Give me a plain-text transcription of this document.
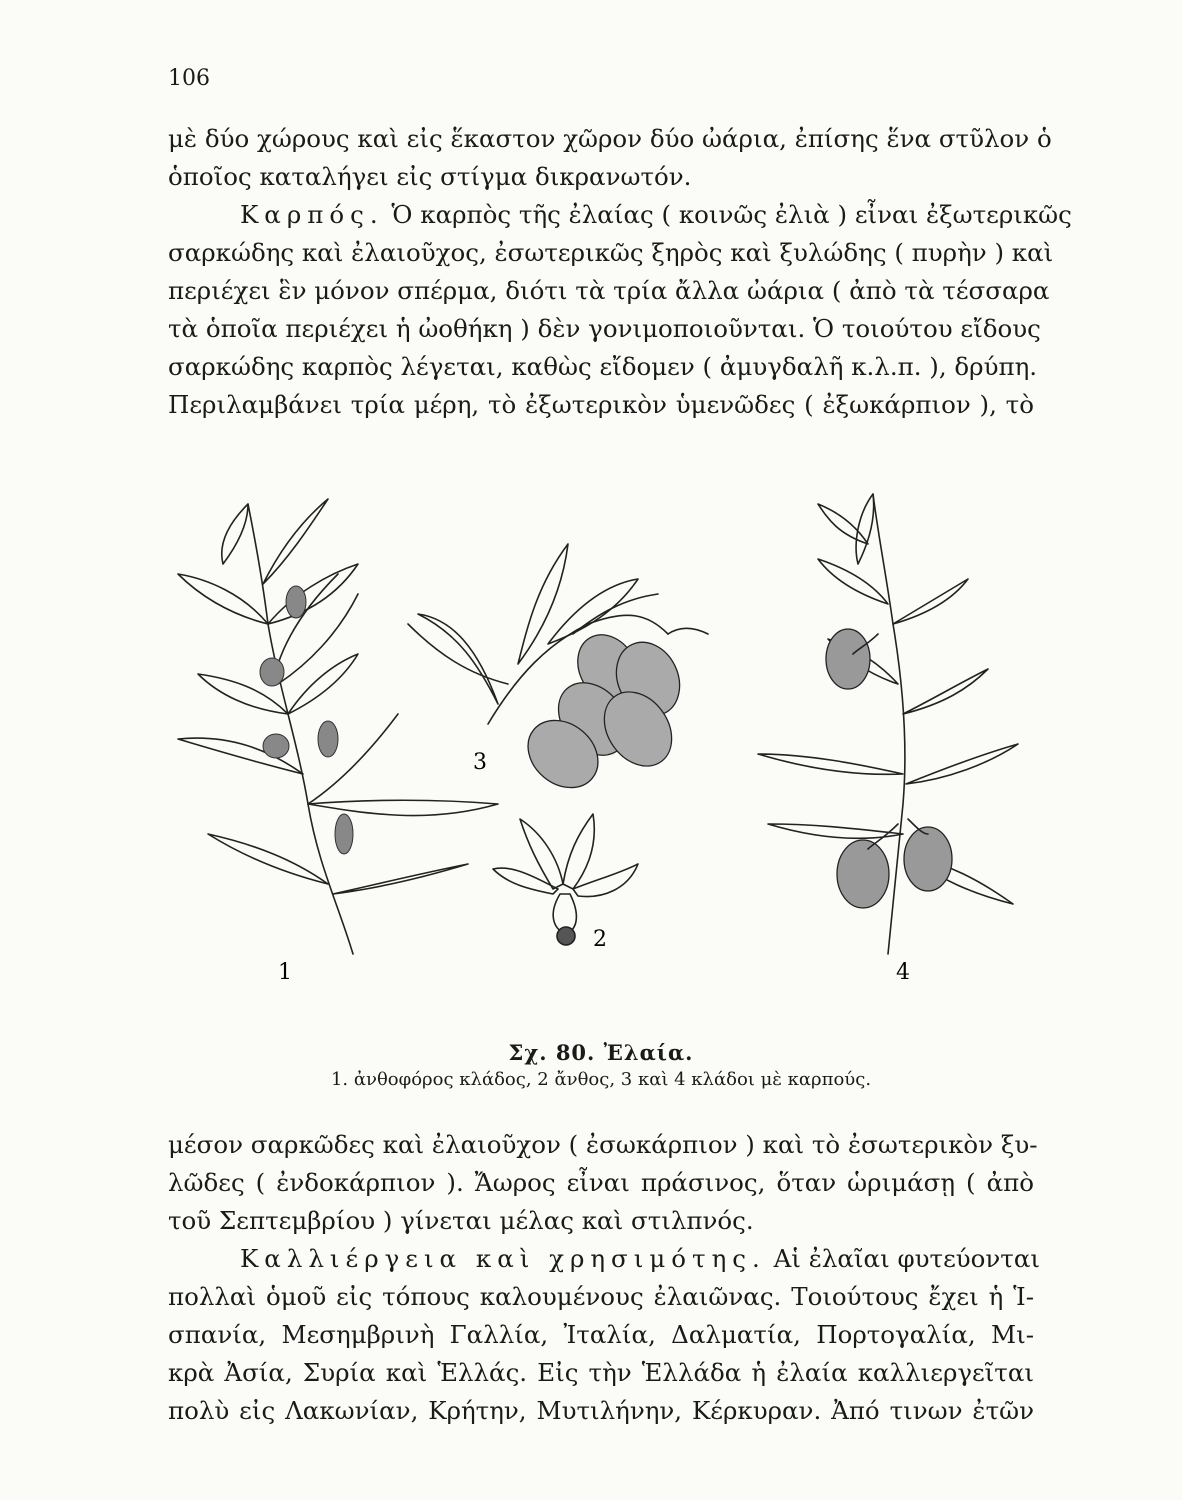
106
μὲ δύο χώρους καὶ εἰς ἕκαστον χῶρον δύο ὠάρια, ἐπίσης ἕνα στῦλον ὁ
ὁποῖος καταλήγει εἰς στίγμα δικρανωτόν.
Καρπός. Ὁ καρπὸς τῆς ἐλαίας ( κοινῶς ἐλιὰ ) εἶναι ἐξωτερικῶς
σαρκώδης καὶ ἐλαιοῦχος, ἐσωτερικῶς ξηρὸς καὶ ξυλώδης ( πυρὴν ) καὶ
περιέχει ἓν μόνον σπέρμα, διότι τὰ τρία ἄλλα ὠάρια ( ἀπὸ τὰ τέσσαρα
τὰ ὁποῖα περιέχει ἡ ὠοθήκη ) δὲν γονιμοποιοῦνται. Ὁ τοιούτου εἴδους
σαρκώδης καρπὸς λέγεται, καθὼς εἴδομεν ( ἀμυγδαλῆ κ.λ.π. ), δρύπη.
Περιλαμβάνει τρία μέρη, τὸ ἐξωτερικὸν ὑμενῶδες ( ἐξωκάρπιον ), τὸ
1
2
3
4
Σχ. 80. Ἐλαία.
1. ἀνθοφόρος κλάδος, 2 ἄνθος, 3 καὶ 4 κλάδοι μὲ καρπούς.
μέσον σαρκῶδες καὶ ἐλαιοῦχον ( ἐσωκάρπιον ) καὶ τὸ ἐσωτερικὸν ξυ-
λῶδες ( ἐνδοκάρπιον ). Ἄωρος εἶναι πράσινος, ὅταν ὡριμάσῃ ( ἀπὸ
τοῦ Σεπτεμβρίου ) γίνεται μέλας καὶ στιλπνός.
Καλλιέργεια καὶ χρησιμότης. Αἱ ἐλαῖαι φυτεύονται
πολλαὶ ὁμοῦ εἰς τόπους καλουμένους ἐλαιῶνας. Τοιούτους ἔχει ἡ Ἱ-
σπανία, Μεσημβρινὴ Γαλλία, Ἰταλία, Δαλματία, Πορτογαλία, Μι-
κρὰ Ἀσία, Συρία καὶ Ἑλλάς. Εἰς τὴν Ἑλλάδα ἡ ἐλαία καλλιεργεῖται
πολὺ εἰς Λακωνίαν, Κρήτην, Μυτιλήνην, Κέρκυραν. Ἀπό τινων ἐτῶν
